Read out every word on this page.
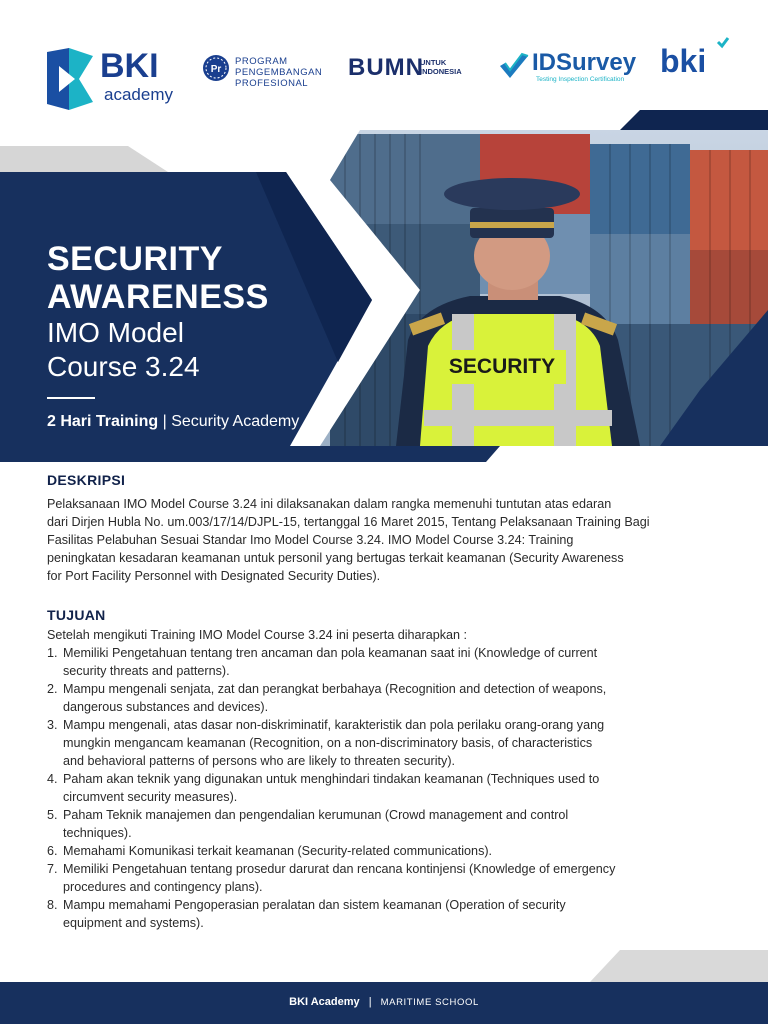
BKI
academy
Pr
PROGRAM
PENGEMBANGAN
PROFESIONAL
BUMN
UNTUK
INDONESIA	IDSurvey
Testing Inspection Certification
bki
SECURITY
SECURITY
AWARENESS
IMO Model
Course 3.24
2 Hari Training | Security Academy
DESKRIPSI
Pelaksanaan IMO Model Course 3.24 ini dilaksanakan dalam rangka memenuhi tuntutan atas edaran
dari Dirjen Hubla No. um.003/17/14/DJPL-15, tertanggal 16 Maret 2015, Tentang Pelaksanaan Training Bagi
Fasilitas Pelabuhan Sesuai Standar Imo Model Course 3.24. IMO Model Course 3.24: Training
peningkatan kesadaran keamanan untuk personil yang bertugas terkait keamanan (Security Awareness
for Port Facility Personnel with Designated Security Duties).
TUJUAN
Setelah mengikuti Training IMO Model Course 3.24 ini peserta diharapkan :
1. Memiliki Pengetahuan tentang tren ancaman dan pola keamanan saat ini (Knowledge of current
security threats and patterns).
2. Mampu mengenali senjata, zat dan perangkat berbahaya (Recognition and detection of weapons,
dangerous substances and devices).
3. Mampu mengenali, atas dasar non-diskriminatif, karakteristik dan pola perilaku orang-orang yang
mungkin mengancam keamanan (Recognition, on a non-discriminatory basis, of characteristics
and behavioral patterns of persons who are likely to threaten security).
4. Paham akan teknik yang digunakan untuk menghindari tindakan keamanan (Techniques used to
circumvent security measures).
5. Paham Teknik manajemen dan pengendalian kerumunan (Crowd management and control
techniques).
6. Memahami Komunikasi terkait keamanan (Security-related communications).
7. Memiliki Pengetahuan tentang prosedur darurat dan rencana kontinjensi (Knowledge of emergency
procedures and contingency plans).
8. Mampu memahami Pengoperasian peralatan dan sistem keamanan (Operation of security
equipment and systems).
BKI Academy | MARITIME SCHOOL
